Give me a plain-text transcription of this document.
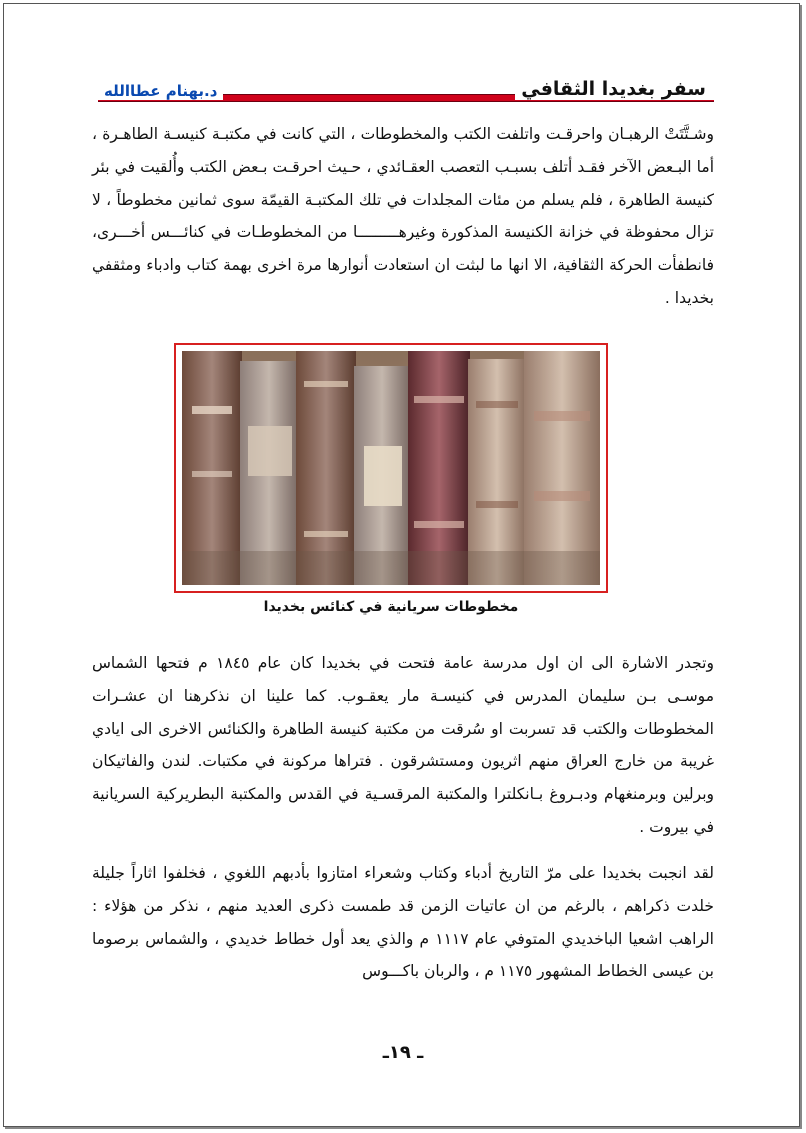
سفر بغديدا الثقافي
د.بهنام عطاالله

وشـتَّتَتْ الرهبـان واحرقـت واتلفت الكتب والمخطوطات ، التي كانت في مكتبـة كنيسـة الطاهـرة ، أما البـعض الآخر فقـد أتلف بسبـب التعصب العقـائدي ، حـيث احرقـت بـعض الكتب وأُلقيت في بئر كنيسة الطاهرة ، فلم يسلم من مئات المجلدات في تلك المكتبـة القيمّة سوى ثمانين مخطوطاً ، لا تزال محفوظة في خزانة الكنيسة المذكورة وغيرهـــــــــا من المخطوطـات في كنائـــس أخـــرى، فانطفأت الحركة الثقافية، الا انها ما لبثت ان استعادت أنوارها مرة اخرى بهمة كتاب وادباء ومثقفي بخديدا .

مخطوطات سريانية في كنائس بخديدا

وتجدر الاشارة الى ان اول مدرسة عامة فتحت في بخديدا كان عام ١٨٤٥ م فتحها الشماس موسـى بـن سليمان المدرس في كنيسـة مار يعقـوب. كما علينا ان نذكرهنا ان عشـرات المخطوطات والكتب قد تسربت او سُرقت من مكتبة كنيسة الطاهرة والكنائس الاخرى الى ايادي غريبة من خارج العراق منهم اثريون ومستشرقون . فتراها مركونة في مكتبات. لندن والفاتيكان وبرلين وبرمنغهام ودبـروغ بـانكلترا والمكتبة المرقسـية في القدس والمكتبة البطريركية السريانية في بيروت .

لقد انجبت بخديدا على مرّ التاريخ أدباء وكتاب وشعراء امتازوا بأدبهم اللغوي ، فخلفوا اثاراً جليلة خلدت ذكراهم ، بالرغم من ان عاتيات الزمن قد طمست ذكرى العديد منهم ، نذكر من هؤلاء : الراهب اشعيا الباخديدي المتوفي عام ١١١٧ م والذي يعد أول خطاط خديدي ، والشماس برصوما بن عيسى الخطاط المشهور ١١٧٥ م ، والربان باكـــوس

ـ ١٩ـ
